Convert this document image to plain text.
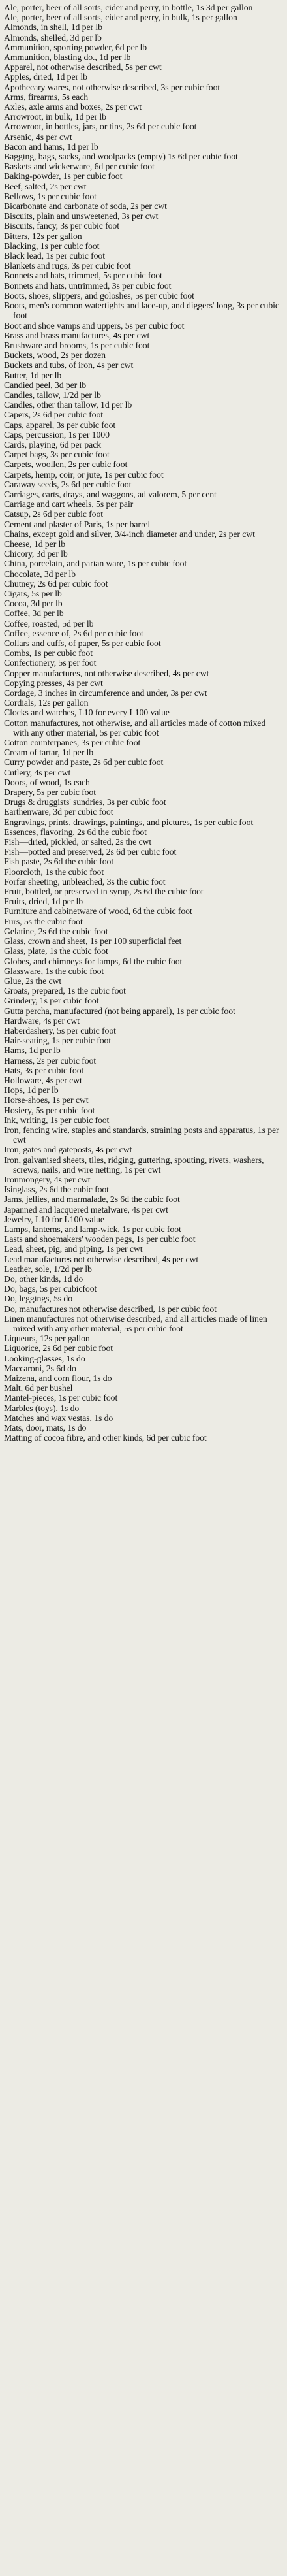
Ale, porter, beer of all sorts, cider and perry, in bottle, 1s 3d per gallon
Ale, porter, beer of all sorts, cider and perry, in bulk, 1s per gallon
Almonds, in shell, 1d per lb
Almonds, shelled, 3d per lb
Ammunition, sporting powder, 6d per lb
Ammunition, blasting do., 1d per lb
Apparel, not otherwise described, 5s per cwt
Apples, dried, 1d per lb
Apothecary wares, not otherwise described, 3s per cubic foot
Arms, firearms, 5s each
Axles, axle arms and boxes, 2s per cwt
Arrowroot, in bulk, 1d per lb
Arrowroot, in bottles, jars, or tins, 2s 6d per cubic foot
Arsenic, 4s per cwt
Bacon and hams, 1d per lb
Bagging, bags, sacks, and woolpacks (empty) 1s 6d per cubic foot
Baskets and wickerware, 6d per cubic foot
Baking-powder, 1s per cubic foot
Beef, salted, 2s per cwt
Bellows, 1s per cubic foot
Bicarbonate and carbonate of soda, 2s per cwt
Biscuits, plain and unsweetened, 3s per cwt
Biscuits, fancy, 3s per cubic foot
Bitters, 12s per gallon
Blacking, 1s per cubic foot
Black lead, 1s per cubic foot
Blankets and rugs, 3s per cubic foot
Bonnets and hats, trimmed, 5s per cubic foot
Bonnets and hats, untrimmed, 3s per cubic foot
Boots, shoes, slippers, and goloshes, 5s per cubic foot
Boots, men's common watertights and lace-up, and diggers' long, 3s per cubic foot
Boot and shoe vamps and uppers, 5s per cubic foot
Brass and brass manufactures, 4s per cwt
Brushware and brooms, 1s per cubic foot
Buckets, wood, 2s per dozen
Buckets and tubs, of iron, 4s per cwt
Butter, 1d per lb
Candied peel, 3d per lb
Candles, tallow, 1/2d per lb
Candles, other than tallow, 1d per lb
Capers, 2s 6d per cubic foot
Caps, apparel, 3s per cubic foot
Caps, percussion, 1s per 1000
Cards, playing, 6d per pack
Carpet bags, 3s per cubic foot
Carpets, woollen, 2s per cubic foot
Carpets, hemp, coir, or jute, 1s per cubic foot
Caraway seeds, 2s 6d per cubic foot
Carriages, carts, drays, and waggons, ad valorem, 5 per cent
Carriage and cart wheels, 5s per pair
Catsup, 2s 6d per cubic foot
Cement and plaster of Paris, 1s per barrel
Chains, except gold and silver, 3/4-inch diameter and under, 2s per cwt
Cheese, 1d per lb
Chicory, 3d per lb
China, porcelain, and parian ware, 1s per cubic foot
Chocolate, 3d per lb
Chutney, 2s 6d per cubic foot
Cigars, 5s per lb
Cocoa, 3d per lb
Coffee, 3d per lb
Coffee, roasted, 5d per lb
Coffee, essence of, 2s 6d per cubic foot
Collars and cuffs, of paper, 5s per cubic foot
Combs, 1s per cubic foot
Confectionery, 5s per foot
Copper manufactures, not otherwise described, 4s per cwt
Copying presses, 4s per cwt
Cordage, 3 inches in circumference and under, 3s per cwt
Cordials, 12s per gallon
Clocks and watches, L10 for every L100 value
Cotton manufactures, not otherwise, and all articles made of cotton mixed with any other material, 5s per cubic foot
Cotton counterpanes, 3s per cubic foot
Cream of tartar, 1d per lb
Curry powder and paste, 2s 6d per cubic foot
Cutlery, 4s per cwt
Doors, of wood, 1s each
Drapery, 5s per cubic foot
Drugs & druggists' sundries, 3s per cubic foot
Earthenware, 3d per cubic foot
Engravings, prints, drawings, paintings, and pictures, 1s per cubic foot
Essences, flavoring, 2s 6d the cubic foot
Fish—dried, pickled, or salted, 2s the cwt
Fish—potted and preserved, 2s 6d per cubic foot
Fish paste, 2s 6d the cubic foot
Floorcloth, 1s the cubic foot
Forfar sheeting, unbleached, 3s the cubic foot
Fruit, bottled, or preserved in syrup, 2s 6d the cubic foot
Fruits, dried, 1d per lb
Furniture and cabinetware of wood, 6d the cubic foot
Furs, 5s the cubic foot
Gelatine, 2s 6d the cubic foot
Glass, crown and sheet, 1s per 100 superficial feet
Glass, plate, 1s the cubic foot
Globes, and chimneys for lamps, 6d the cubic foot
Glassware, 1s the cubic foot
Glue, 2s the cwt
Groats, prepared, 1s the cubic foot
Grindery, 1s per cubic foot
Gutta percha, manufactured (not being apparel), 1s per cubic foot
Hardware, 4s per cwt
Haberdashery, 5s per cubic foot
Hair-seating, 1s per cubic foot
Hams, 1d per lb
Harness, 2s per cubic foot
Hats, 3s per cubic foot
Holloware, 4s per cwt
Hops, 1d per lb
Horse-shoes, 1s per cwt
Hosiery, 5s per cubic foot
Ink, writing, 1s per cubic foot
Iron, fencing wire, staples and standards, straining posts and apparatus, 1s per cwt
Iron, gates and gateposts, 4s per cwt
Iron, galvanised sheets, tiles, ridging, guttering, spouting, rivets, washers, screws, nails, and wire netting, 1s per cwt
Ironmongery, 4s per cwt
Isinglass, 2s 6d the cubic foot
Jams, jellies, and marmalade, 2s 6d the cubic foot
Japanned and lacquered metalware, 4s per cwt
Jewelry, L10 for L100 value
Lamps, lanterns, and lamp-wick, 1s per cubic foot
Lasts and shoemakers' wooden pegs, 1s per cubic foot
Lead, sheet, pig, and piping, 1s per cwt
Lead manufactures not otherwise described, 4s per cwt
Leather, sole, 1/2d per lb
Do, other kinds, 1d do
Do, bags, 5s per cubicfoot
Do, leggings, 5s do
Do, manufactures not otherwise described, 1s per cubic foot
Linen manufactures not otherwise described, and all articles made of linen mixed with any other material, 5s per cubic foot
Liqueurs, 12s per gallon
Liquorice, 2s 6d per cubic foot
Looking-glasses, 1s do
Maccaroni, 2s 6d do
Maizena, and corn flour, 1s do
Malt, 6d per bushel
Mantel-pieces, 1s per cubic foot
Marbles (toys), 1s do
Matches and wax vestas, 1s do
Mats, door, mats, 1s do
Matting of cocoa fibre, and other kinds, 6d per cubic foot
